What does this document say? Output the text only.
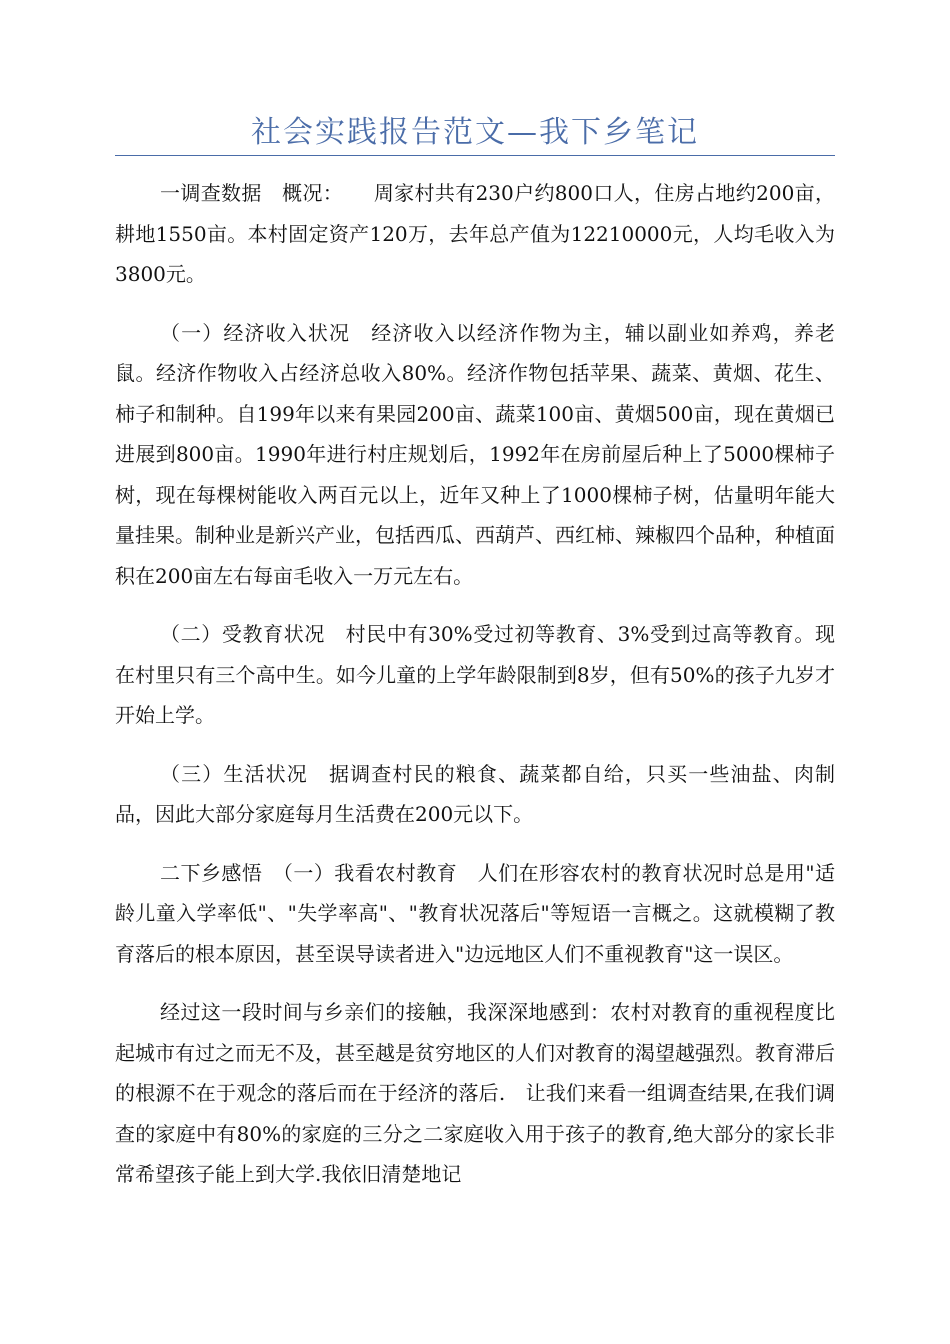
社会实践报告范文—我下乡笔记

一调查数据　概况：　　周家村共有230户约800口人，住房占地约200亩，耕地1550亩。本村固定资产120万，去年总产值为12210000元，人均毛收入为3800元。

（一）经济收入状况　经济收入以经济作物为主，辅以副业如养鸡，养老鼠。经济作物收入占经济总收入80%。经济作物包括苹果、蔬菜、黄烟、花生、柿子和制种。自199年以来有果园200亩、蔬菜100亩、黄烟500亩，现在黄烟已进展到800亩。1990年进行村庄规划后，1992年在房前屋后种上了5000棵柿子树，现在每棵树能收入两百元以上，近年又种上了1000棵柿子树，估量明年能大量挂果。制种业是新兴产业，包括西瓜、西葫芦、西红柿、辣椒四个品种，种植面积在200亩左右每亩毛收入一万元左右。

（二）受教育状况　村民中有30%受过初等教育、3%受到过高等教育。现在村里只有三个高中生。如今儿童的上学年龄限制到8岁，但有50%的孩子九岁才开始上学。

（三）生活状况　据调查村民的粮食、蔬菜都自给，只买一些油盐、肉制品，因此大部分家庭每月生活费在200元以下。

二下乡感悟　（一）我看农村教育　人们在形容农村的教育状况时总是用"适龄儿童入学率低"、"失学率高"、"教育状况落后"等短语一言概之。这就模糊了教育落后的根本原因，甚至误导读者进入"边远地区人们不重视教育"这一误区。

经过这一段时间与乡亲们的接触，我深深地感到：农村对教育的重视程度比起城市有过之而无不及，甚至越是贫穷地区的人们对教育的渴望越强烈。教育滞后的根源不在于观念的落后而在于经济的落后.　让我们来看一组调查结果,在我们调查的家庭中有80%的家庭的三分之二家庭收入用于孩子的教育,绝大部分的家长非常希望孩子能上到大学.我依旧清楚地记
